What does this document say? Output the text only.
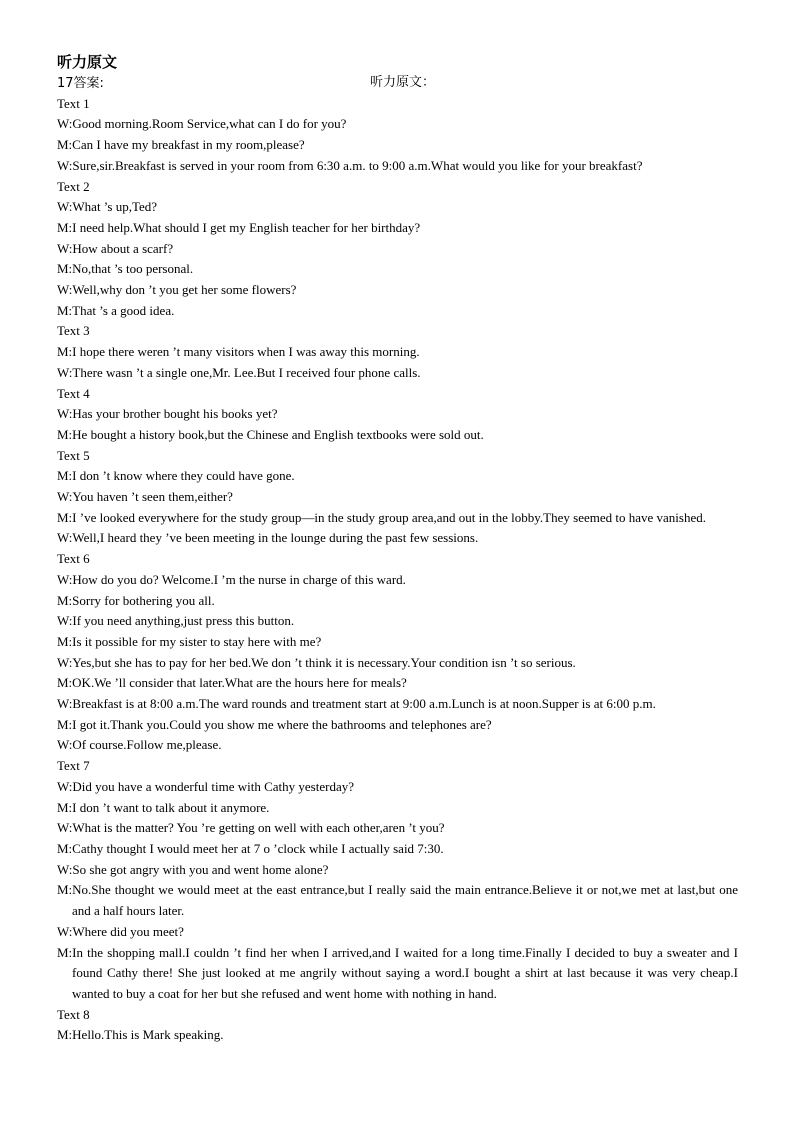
听力原文
17答案:	听力原文：
Text 1
W:Good morning.Room Service,what can I do for you?
M:Can I have my breakfast in my room,please?
W:Sure,sir.Breakfast is served in your room from 6:30 a.m. to 9:00 a.m.What would you like for your breakfast?
Text 2
W:What ’s up,Ted?
M:I need help.What should I get my English teacher for her birthday?
W:How about a scarf?
M:No,that ’s too personal.
W:Well,why don ’t you get her some flowers?
M:That ’s a good idea.
Text 3
M:I hope there weren ’t many visitors when I was away this morning.
W:There wasn ’t a single one,Mr. Lee.But I received four phone calls.
Text 4
W:Has your brother bought his books yet?
M:He bought a history book,but the Chinese and English textbooks were sold out.
Text 5
M:I don ’t know where they could have gone.
W:You haven ’t seen them,either?
M:I ’ve looked everywhere for the study group—in the study group area,and out in the lobby.They seemed to have vanished.
W:Well,I heard they ’ve been meeting in the lounge during the past few sessions.
Text 6
W:How do you do? Welcome.I ’m the nurse in charge of this ward.
M:Sorry for bothering you all.
W:If you need anything,just press this button.
M:Is it possible for my sister to stay here with me?
W:Yes,but she has to pay for her bed.We don ’t think it is necessary.Your condition isn ’t so serious.
M:OK.We ’ll consider that later.What are the hours here for meals?
W:Breakfast is at 8:00 a.m.The ward rounds and treatment start at 9:00 a.m.Lunch is at noon.Supper is at 6:00 p.m.
M:I got it.Thank you.Could you show me where the bathrooms and telephones are?
W:Of course.Follow me,please.
Text 7
W:Did you have a wonderful time with Cathy yesterday?
M:I don ’t want to talk about it anymore.
W:What is the matter? You ’re getting on well with each other,aren ’t you?
M:Cathy thought I would meet her at 7 o ’clock while I actually said 7:30.
W:So she got angry with you and went home alone?
M:No.She thought we would meet at the east entrance,but I really said the main entrance.Believe it or not,we met at last,but one and a half hours later.
W:Where did you meet?
M:In the shopping mall.I couldn ’t find her when I arrived,and I waited for a long time.Finally I decided to buy a sweater and I found Cathy there! She just looked at me angrily without saying a word.I bought a shirt at last because it was very cheap.I wanted to buy a coat for her but she refused and went home with nothing in hand.
Text 8
M:Hello.This is Mark speaking.
